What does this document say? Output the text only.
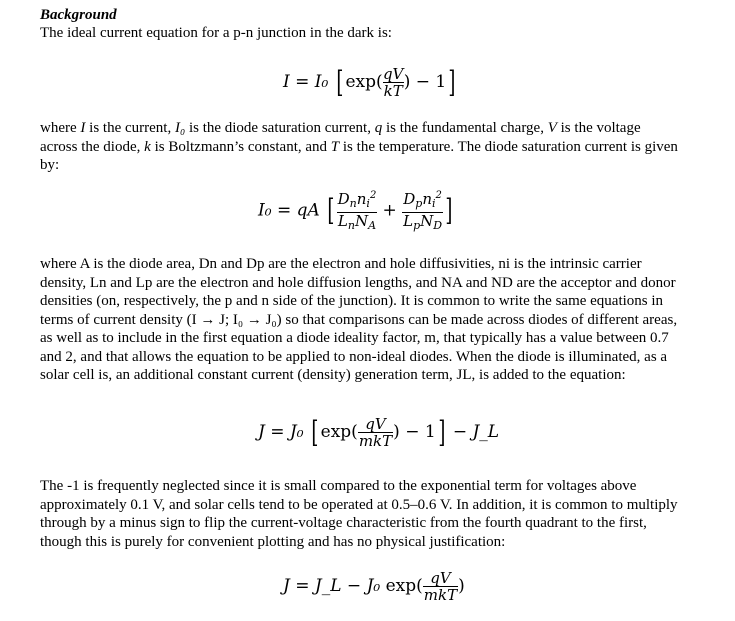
Background
The ideal current equation for a p-n junction in the dark is:
I = I₀ [ $\exp( \frac{qV}{kT}$ ) − 1]
where I is the current, I₀ is the diode saturation current, q is the fundamental charge, V is the voltage across the diode, k is Boltzmann’s constant, and T is the temperature. The diode saturation current is given by:
I₀ = qA [ $\frac{D_nn_i^2}{L_nN_A} + \frac{D_pn_i^2}{L_pN_D}$ ]
where A is the diode area, Dn and Dp are the electron and hole diffusivities, ni is the intrinsic carrier density, Ln and Lp are the electron and hole diffusion lengths, and NA and ND are the acceptor and donor densities (on, respectively, the p and n side of the junction). It is common to write the same equations in terms of current density (I → J; I₀ → J₀) so that comparisons can be made across diodes of different areas, as well as to include in the first equation a diode ideality factor, m, that typically has a value between 0.7 and 2, and that allows the equation to be applied to non-ideal diodes. When the diode is illuminated, as a solar cell is, an additional constant current (density) generation term, JL, is added to the equation:
J = J₀ [ $\exp( \frac{qV}{\text{mkT}}$ ) − 1] − J_L
The -1 is frequently neglected since it is small compared to the exponential term for voltages above approximately 0.1 V, and solar cells tend to be operated at 0.5–0.6 V. In addition, it is common to multiply through by a minus sign to flip the current-voltage characteristic from the fourth quadrant to the first, though this is purely for convenient plotting and has no physical justification:
J = J_L − J₀ $\exp( \frac{qV}{\text{mkT}}$ )
